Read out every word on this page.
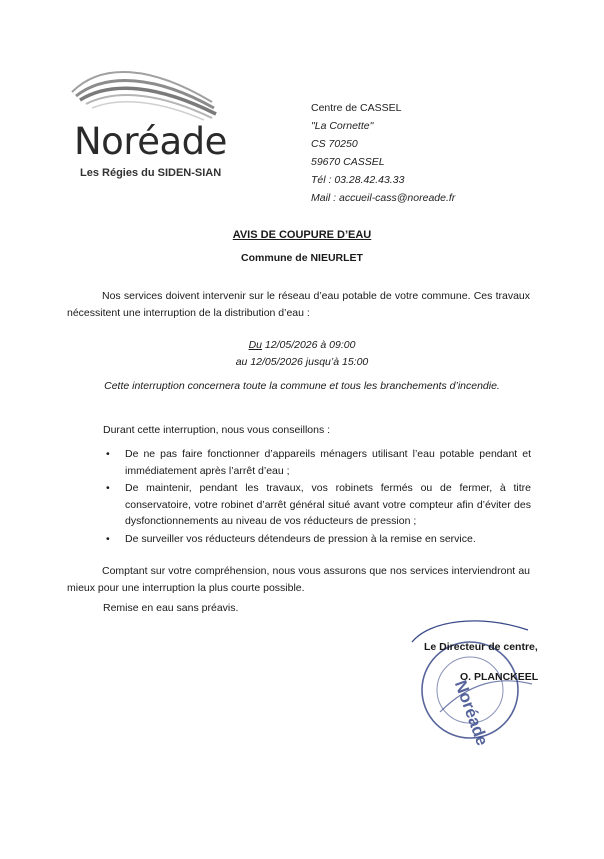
Noréade
Les Régies du SIDEN-SIAN
Centre de CASSEL
"La Cornette"
CS 70250
59670 CASSEL
Tél : 03.28.42.43.33
Mail : accueil-cass@noreade.fr
AVIS DE COUPURE D’EAU
Commune de NIEURLET
Nos services doivent intervenir sur le réseau d’eau potable de votre commune. Ces travaux nécessitent une interruption de la distribution d’eau :
Du 12/05/2026 à 09:00
au 12/05/2026 jusqu’à 15:00
Cette interruption concernera toute la commune et tous les branchements d’incendie.
Durant cette interruption, nous vous conseillons :
• De ne pas faire fonctionner d’appareils ménagers utilisant l’eau potable pendant et immédiatement après l’arrêt d’eau ;
• De maintenir, pendant les travaux, vos robinets fermés ou de fermer, à titre conservatoire, votre robinet d’arrêt général situé avant votre compteur afin d’éviter des dysfonctionnements au niveau de vos réducteurs de pression ;
• De surveiller vos réducteurs détendeurs de pression à la remise en service.
Comptant sur votre compréhension, nous vous assurons que nos services interviendront au mieux pour une interruption la plus courte possible.
Remise en eau sans préavis.
Noréade
Le Directeur de centre,
O. PLANCKEEL
